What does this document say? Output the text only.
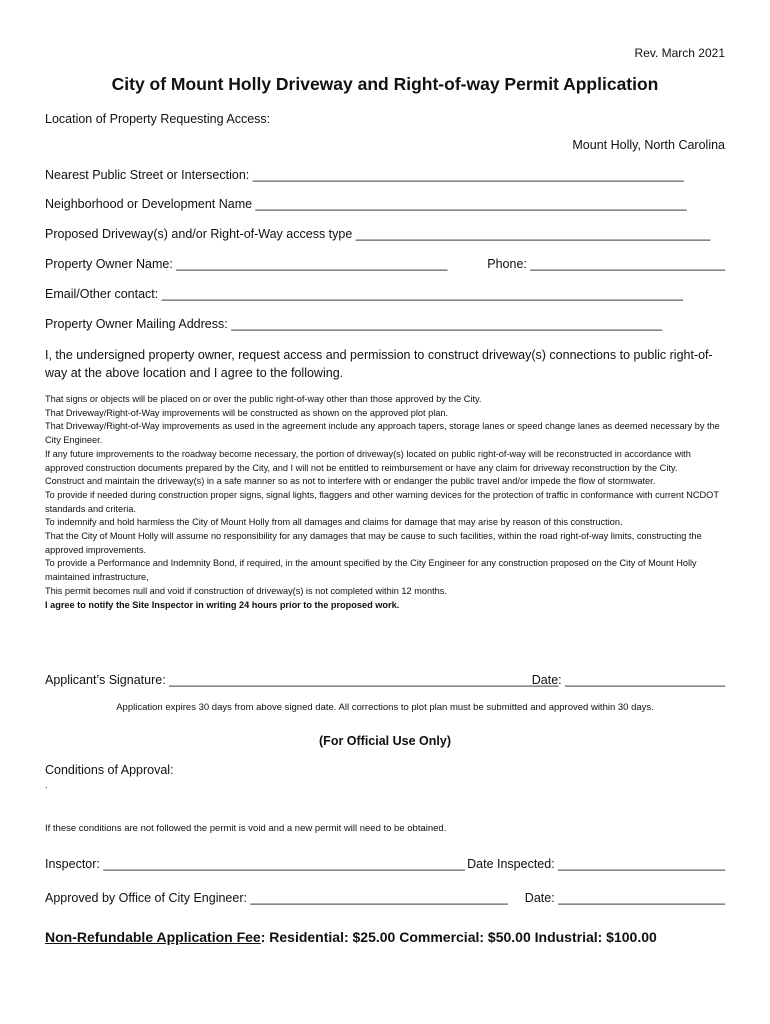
Rev. March 2021
City of Mount Holly Driveway and Right-of-way Permit Application
Location of Property Requesting Access:
Mount Holly, North Carolina
Nearest Public Street or Intersection: ______________________________________________________________
Neighborhood or Development Name ______________________________________________________________
Proposed Driveway(s) and/or Right-of-Way access type ___________________________________________________
Property Owner Name: _______________________________________	Phone: ____________________________
Email/Other contact: ___________________________________________________________________________
Property Owner Mailing Address: ______________________________________________________________
I, the undersigned property owner, request access and permission to construct driveway(s) connections to public right-of-way at the above location and I agree to the following.
That signs or objects will be placed on or over the public right-of-way other than those approved by the City.
That Driveway/Right-of-Way improvements will be constructed as shown on the approved plot plan.
That Driveway/Right-of-Way improvements as used in the agreement include any approach tapers, storage lanes or speed change lanes as deemed necessary by the City Engineer.
If any future improvements to the roadway become necessary, the portion of driveway(s) located on public right-of-way will be reconstructed in accordance with approved construction documents prepared by the City, and I will not be entitled to reimbursement or have any claim for driveway reconstruction by the City.
Construct and maintain the driveway(s) in a safe manner so as not to interfere with or endanger the public travel and/or impede the flow of stormwater.
To provide if needed during construction proper signs, signal lights, flaggers and other warning devices for the protection of traffic in conformance with current NCDOT standards and criteria.
To indemnify and hold harmless the City of Mount Holly from all damages and claims for damage that may arise by reason of this construction.
That the City of Mount Holly will assume no responsibility for any damages that may be cause to such facilities, within the road right-of-way limits, constructing the approved improvements.
To provide a Performance and Indemnity Bond, if required, in the amount specified by the City Engineer for any construction proposed on the City of Mount Holly maintained infrastructure,
This permit becomes null and void if construction of driveway(s) is not completed within 12 months.
I agree to notify the Site Inspector in writing 24 hours prior to the proposed work.
Applicant’s Signature: ________________________________________________________
Date: _______________________
Application expires 30 days from above signed date. All corrections to plot plan must be submitted and approved within 30 days.
(For Official Use Only)
Conditions of Approval:
.
If these conditions are not followed the permit is void and a new permit will need to be obtained.
Inspector: ____________________________________________________ Date Inspected: ________________________
Approved by Office of City Engineer: _____________________________________ Date: ________________________
Non-Refundable Application Fee: Residential: $25.00 Commercial: $50.00 Industrial: $100.00
